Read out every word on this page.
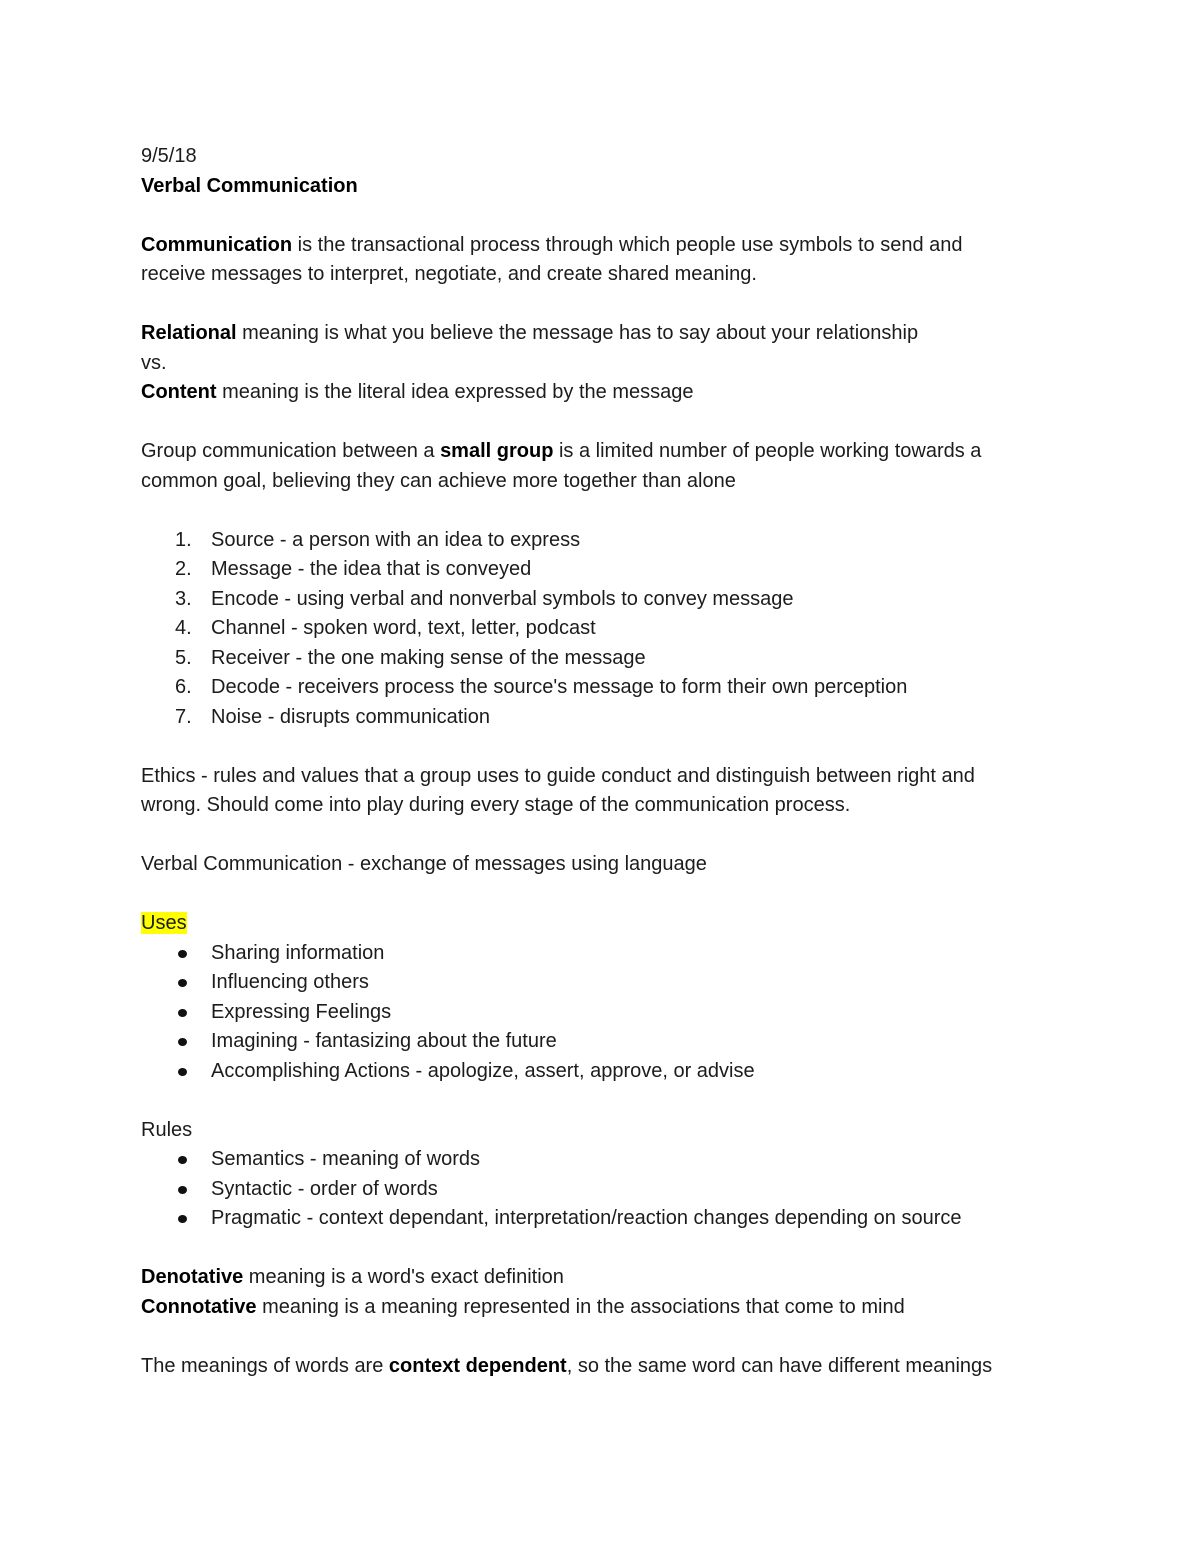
9/5/18

Verbal Communication

Communication is the transactional process through which people use symbols to send and

receive messages to interpret, negotiate, and create shared meaning.

Relational meaning is what you believe the message has to say about your relationship

vs.

Content meaning is the literal idea expressed by the message

Group communication between a small group is a limited number of people working towards a

common goal, believing they can achieve more together than alone

1. Source - a person with an idea to express
2. Message - the idea that is conveyed
3. Encode - using verbal and nonverbal symbols to convey message
4. Channel - spoken word, text, letter, podcast
5. Receiver - the one making sense of the message
6. Decode - receivers process the source's message to form their own perception
7. Noise - disrupts communication

Ethics - rules and values that a group uses to guide conduct and distinguish between right and

wrong. Should come into play during every stage of the communication process.

Verbal Communication - exchange of messages using language

Uses

Sharing information
Influencing others
Expressing Feelings
Imagining - fantasizing about the future
Accomplishing Actions - apologize, assert, approve, or advise

Rules

Semantics - meaning of words
Syntactic - order of words
Pragmatic - context dependant, interpretation/reaction changes depending on source

Denotative meaning is a word's exact definition

Connotative meaning is a meaning represented in the associations that come to mind

The meanings of words are context dependent, so the same word can have different meanings
